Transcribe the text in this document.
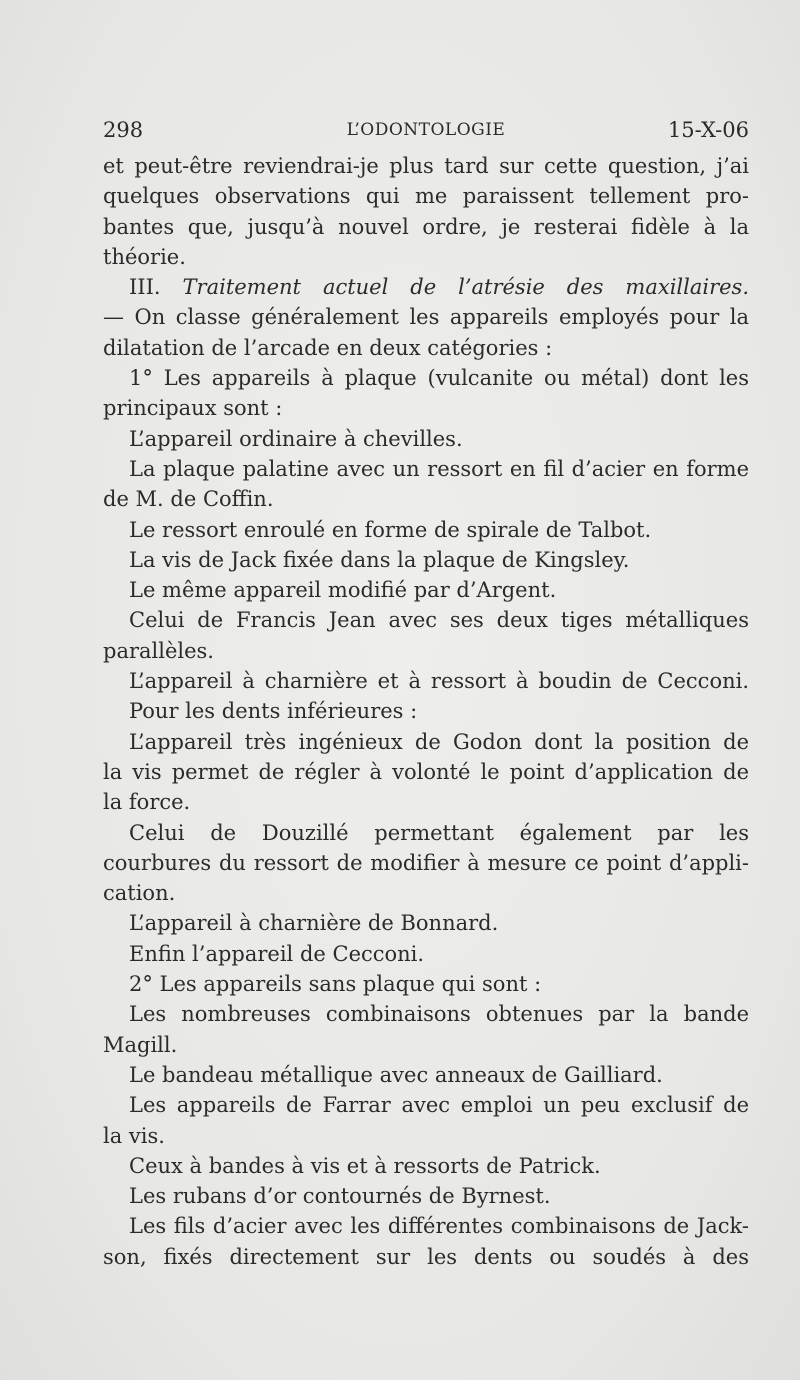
298	L’ODONTOLOGIE	15-X-06
et peut-être reviendrai-je plus tard sur cette question, j’ai
quelques observations qui me paraissent tellement pro-
bantes que, jusqu’à nouvel ordre, je resterai fidèle à la
théorie.
III. Traitement actuel de l’atrésie des maxillaires.
— On classe généralement les appareils employés pour la
dilatation de l’arcade en deux catégories :
1° Les appareils à plaque (vulcanite ou métal) dont les
principaux sont :
L’appareil ordinaire à chevilles.
La plaque palatine avec un ressort en fil d’acier en forme
de M. de Coffin.
Le ressort enroulé en forme de spirale de Talbot.
La vis de Jack fixée dans la plaque de Kingsley.
Le même appareil modifié par d’Argent.
Celui de Francis Jean avec ses deux tiges métalliques
parallèles.
L’appareil à charnière et à ressort à boudin de Cecconi.
Pour les dents inférieures :
L’appareil très ingénieux de Godon dont la position de
la vis permet de régler à volonté le point d’application de
la force.
Celui de Douzillé permettant également par les
courbures du ressort de modifier à mesure ce point d’appli-
cation.
L’appareil à charnière de Bonnard.
Enfin l’appareil de Cecconi.
2° Les appareils sans plaque qui sont :
Les nombreuses combinaisons obtenues par la bande
Magill.
Le bandeau métallique avec anneaux de Gailliard.
Les appareils de Farrar avec emploi un peu exclusif de
la vis.
Ceux à bandes à vis et à ressorts de Patrick.
Les rubans d’or contournés de Byrnest.
Les fils d’acier avec les différentes combinaisons de Jack-
son, fixés directement sur les dents ou soudés à des
